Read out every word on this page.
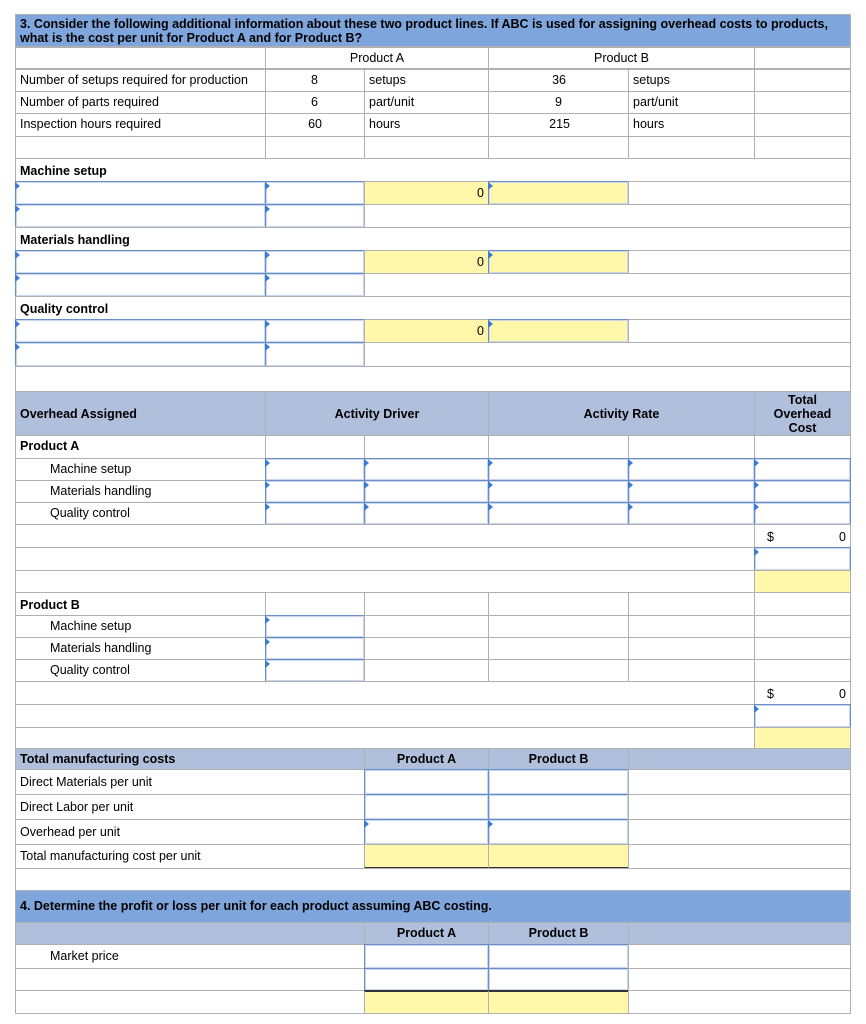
3. Consider the following additional information about these two product lines. If ABC is used for assigning overhead costs to products, what is the cost per unit for Product A and for Product B?
Product A	Product B
Number of setups required for production	8	setups	36	setups
Number of parts required	6	part/unit	9	part/unit
Inspection hours required	60	hours	215	hours
Machine setup
0
Materials handling
0
Quality control
0
Overhead Assigned	Activity Driver	Activity Rate
Total
Overhead
Cost
Product A
Machine setup
Materials handling
Quality control
$	0
Product B
Machine setup
Materials handling
Quality control
$	0
Total manufacturing costs	Product A	Product B
Direct Materials per unit
Direct Labor per unit
Overhead per unit
Total manufacturing cost per unit
4. Determine the profit or loss per unit for each product assuming ABC costing.
Product A	Product B
Market price
